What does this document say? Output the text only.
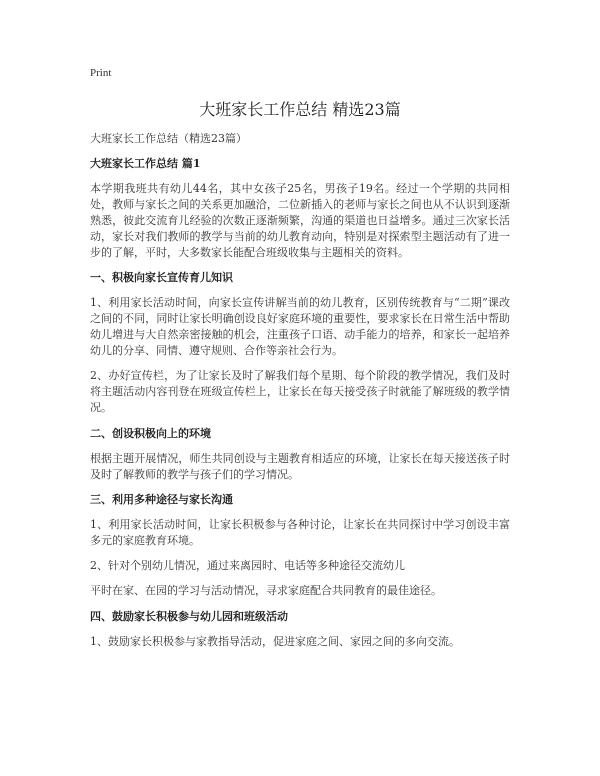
Print
大班家长工作总结 精选23篇
大班家长工作总结（精选23篇）
大班家长工作总结 篇1
本学期我班共有幼儿44名，其中女孩子25名，男孩子19名。经过一个学期的共同相处，教师与家长之间的关系更加融洽，二位新插入的老师与家长之间也从不认识到逐渐熟悉，彼此交流育儿经验的次数正逐渐频繁，沟通的渠道也日益增多。通过三次家长活动，家长对我们教师的教学与当前的幼儿教育动向，特别是对探索型主题活动有了进一步的了解，平时，大多数家长能配合班级收集与主题相关的资料。
一、积极向家长宣传育儿知识
1、利用家长活动时间，向家长宣传讲解当前的幼儿教育，区别传统教育与“二期”课改之间的不同，同时让家长明确创设良好家庭环境的重要性，要求家长在日常生活中帮助幼儿增进与大自然亲密接触的机会，注重孩子口语、动手能力的培养，和家长一起培养幼儿的分享、同情、遵守规则、合作等亲社会行为。
2、办好宣传栏，为了让家长及时了解我们每个星期、每个阶段的教学情况，我们及时将主题活动内容刊登在班级宣传栏上，让家长在每天接受孩子时就能了解班级的教学情况。
二、创设积极向上的环境
根据主题开展情况，师生共同创设与主题教育相适应的环境，让家长在每天接送孩子时及时了解教师的教学与孩子们的学习情况。
三、利用多种途径与家长沟通
1、利用家长活动时间，让家长积极参与各种讨论，让家长在共同探讨中学习创设丰富多元的家庭教育环境。
2、针对个别幼儿情况，通过来离园时、电话等多种途径交流幼儿
平时在家、在园的学习与活动情况，寻求家庭配合共同教育的最佳途径。
四、鼓励家长积极参与幼儿园和班级活动
1、鼓励家长积极参与家教指导活动，促进家庭之间、家园之间的多向交流。
